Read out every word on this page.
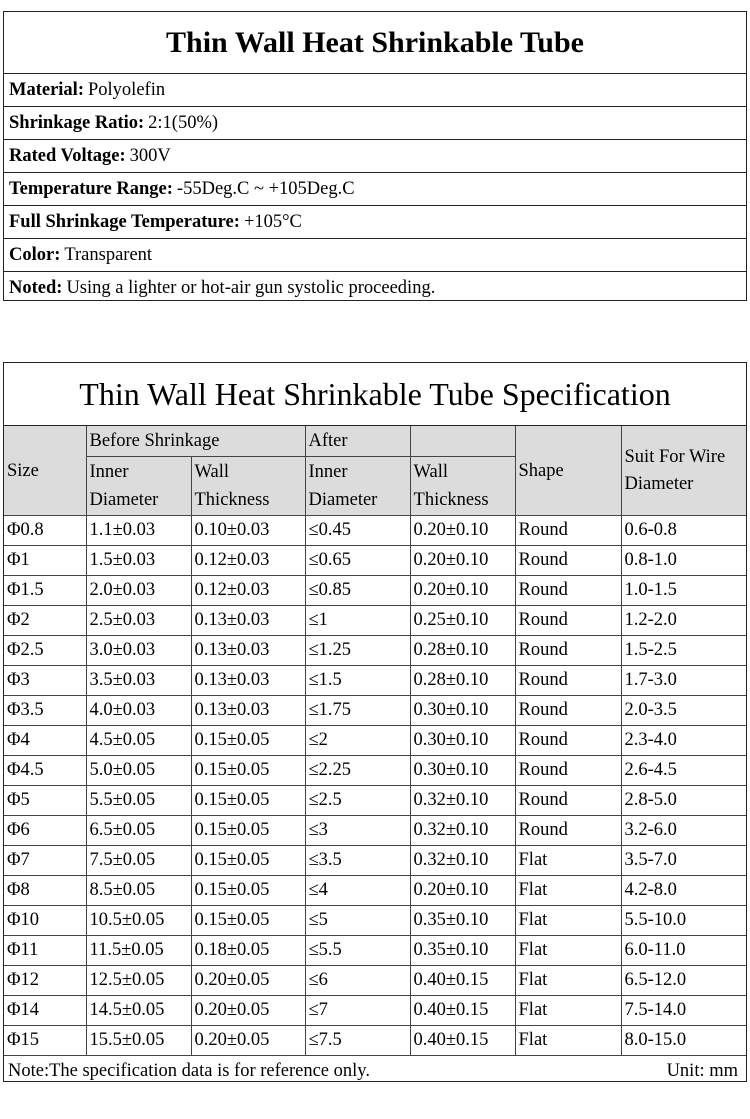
Thin Wall Heat Shrinkable Tube
Material: Polyolefin
Shrinkage Ratio: 2:1(50%)
Rated Voltage: 300V
Temperature Range: -55Deg.C ~ +105Deg.C
Full Shrinkage Temperature: +105°C
Color: Transparent
Noted: Using a lighter or hot-air gun systolic proceeding.
Thin Wall Heat Shrinkable Tube Specification
Size	Before Shrinkage		After		Shape	Suit For Wire Diameter
	Inner Diameter	Wall Thickness	Inner Diameter	Wall Thickness		
Φ0.8	1.1±0.03	0.10±0.03	≤0.45	0.20±0.10	Round	0.6-0.8
Φ1	1.5±0.03	0.12±0.03	≤0.65	0.20±0.10	Round	0.8-1.0
Φ1.5	2.0±0.03	0.12±0.03	≤0.85	0.20±0.10	Round	1.0-1.5
Φ2	2.5±0.03	0.13±0.03	≤1	0.25±0.10	Round	1.2-2.0
Φ2.5	3.0±0.03	0.13±0.03	≤1.25	0.28±0.10	Round	1.5-2.5
Φ3	3.5±0.03	0.13±0.03	≤1.5	0.28±0.10	Round	1.7-3.0
Φ3.5	4.0±0.03	0.13±0.03	≤1.75	0.30±0.10	Round	2.0-3.5
Φ4	4.5±0.05	0.15±0.05	≤2	0.30±0.10	Round	2.3-4.0
Φ4.5	5.0±0.05	0.15±0.05	≤2.25	0.30±0.10	Round	2.6-4.5
Φ5	5.5±0.05	0.15±0.05	≤2.5	0.32±0.10	Round	2.8-5.0
Φ6	6.5±0.05	0.15±0.05	≤3	0.32±0.10	Round	3.2-6.0
Φ7	7.5±0.05	0.15±0.05	≤3.5	0.32±0.10	Flat	3.5-7.0
Φ8	8.5±0.05	0.15±0.05	≤4	0.20±0.10	Flat	4.2-8.0
Φ10	10.5±0.05	0.15±0.05	≤5	0.35±0.10	Flat	5.5-10.0
Φ11	11.5±0.05	0.18±0.05	≤5.5	0.35±0.10	Flat	6.0-11.0
Φ12	12.5±0.05	0.20±0.05	≤6	0.40±0.15	Flat	6.5-12.0
Φ14	14.5±0.05	0.20±0.05	≤7	0.40±0.15	Flat	7.5-14.0
Φ15	15.5±0.05	0.20±0.05	≤7.5	0.40±0.15	Flat	8.0-15.0
Note:The specification data is for reference only.	Unit: mm
